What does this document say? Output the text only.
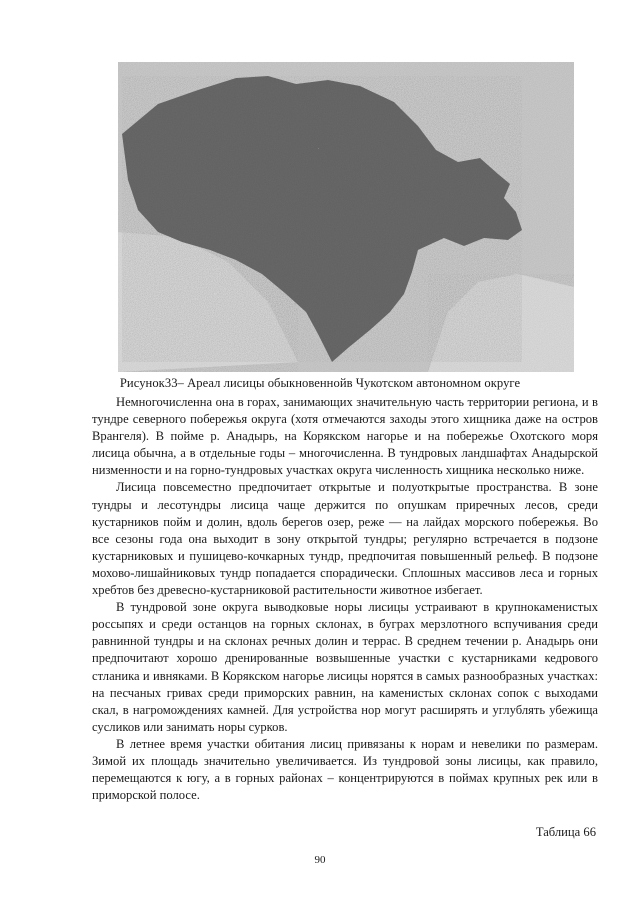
·
Рисунок33– Ареал лисицы обыкновеннойв Чукотском автономном округе

Немногочисленна она в горах, занимающих значительную часть территории региона, и в тундре северного побережья округа (хотя отмечаются заходы этого хищника даже на остров Врангеля). В пойме р. Анадырь, на Корякском нагорье и на побережье Охотского моря лисица обычна, а в отдельные годы – многочисленна. В тундровых ландшафтах Анадырской низменности и на горно-тундровых участках округа численность хищника несколько ниже.

Лисица повсеместно предпочитает открытые и полуоткрытые пространства. В зоне тундры и лесотундры лисица чаще держится по опушкам приречных лесов, среди кустарников пойм и долин, вдоль берегов озер, реже — на лайдах морского побережья. Во все сезоны года она выходит в зону открытой тундры; регулярно встречается в подзоне кустарниковых и пушицево-кочкарных тундр, предпочитая повышенный рельеф. В подзоне мохово-лишайниковых тундр попадается спорадически. Сплошных массивов леса и горных хребтов без древесно-кустарниковой растительности животное избегает.

В тундровой зоне округа выводковые норы лисицы устраивают в крупнокаменистых россыпях и среди останцов на горных склонах, в буграх мерзлотного вспучивания среди равнинной тундры и на склонах речных долин и террас. В среднем течении р. Анадырь они предпочитают хорошо дренированные возвышенные участки с кустарниками кедрового стланика и ивняками. В Корякском нагорье лисицы норятся в самых разнообразных участках: на песчаных гривах среди приморских равнин, на каменистых склонах сопок с выходами скал, в нагромождениях камней. Для устройства нор могут расширять и углублять убежища сусликов или занимать норы сурков.

В летнее время участки обитания лисиц привязаны к норам и невелики по размерам. Зимой их площадь значительно увеличивается. Из тундровой зоны лисицы, как правило, перемещаются к югу, а в горных районах – концентрируются в поймах крупных рек или в приморской полосе.

Таблица 66
90
